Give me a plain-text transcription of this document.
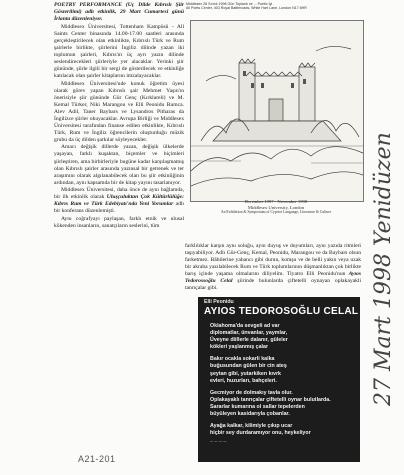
POETRY PERFORMANCE (Üç Dilde Kıbrıslı Şiir Gösterilimi) adlı etkinlik, 29 Mart Cumartesi günü İrlanta düzenleniyor.

Middlesex Üniversitesi, Tottenham Kampüsü - All Saints Center binasında 14.00-17.00 saatleri arasında gerçekleştirilecek olan etkinlikte, Kıbrıslı Türk ve Rum şairlerle birlikte, şiirlerini İngiliz dilinde yazan iki toplumun şairleri, Kıbrıs'ın üç ayrı yazın dilinde seslendirecekleri şiirleriyle yer alacaklar. Yerinki şiir gününde, şiirle ilgili bir sergi de gösterilecek ve etkinliğe katılacak olan şairler kitaplarını imzalayacaklar.

Middlesex Üniversitesi'nde konuk öğretim üyesi olarak görev yapan Kıbrıslı şair Mehmet Yaşın'ın önerisiyle şiir gününde Gür Genç (Kırklareli) ve M. Kemal Türker, Niki Marangou ve Elli Peonidu Rumca. Alev Adil, Taner Baybars ve Lysandros Pitharas da İngilizce şiirler okuyacaklar. Avrupa Birliği ve Middlesex Üniversitesi tarafından finanse edilen etkinlikte, Kıbrıslı Türk, Rum ve İngiliz öğrencilerin oluşturduğu müzik grubu da üç dilden şarkılar söyleyecekler.

Amacı değişik dillerde yazan, değişik ülkelerde yaşayan, farklı kuşaktan, biçemler ve biçimleri şiirleştiren, ama birbirleriyle bugüne kadar karşılaşmamış olan Kıbrıslı şairler arasında yazınsal bir getrenek ve ter araşımını olarak algılanabilecek olan bu şiir etkinliğinin ardından, aynı kapsamda bir de kitap yayını tasarlanıyor.

Middlesex Üniversitesi, daha önce de aynı bağlamda, bir ilk etkinlik olarak Uluşçuluktan Çok Kültürlülüğe: Kıbrıs Rum ve Türk Edebiyatı'nda Yeni Yorumlar adlı bir konferans düzenlemişti.

Aynı coğrafyayı paylaşan, farklı etnik ve ulusal kökenden insanların, sanatçıların seslerini, tüm

Middlesex 28 Sınırlı 1998 Gün Toplantı ve ... Poetic İyi
All Poets Center, 403 Royal Battleroads, White Hart Lane, London N17 8HR
Dcrember 1997 - November 1998
Middlesex University, London
An Exhibition & Symposium of Cypriot Language, Literature & Culture	27 Mart 1998 Yenidüzen

farklılıklar karşın aynı soluğu, aynı duyuş ve duyumları, aynı yazıda ritmleri taşıyabiliyor. Adlı Gür-Genç, Kemal, Peonidu, Marangou ve da Baybars olsun farketmez. Bâbilerine yabancı gibi durun, komşu ve de belli yakın veya uzak bir akraba yazılabilecek Rum ve Türk toplumlarının düşmanlıktan çok birlikte barış içinde yaşama olmalarını diliyelim. Tiyatro Elli Peonidu'nun Ayıos Tedorossoğlu Celal şiirinde bulunlarda çiftetelli oynayan oplakayakli tanrıçalar gibi.

Elli Peonidu
AYIOS TEDOROSOĞLU CELAL
Oklahoma'da sevgeli ad var
diplomatlar, ünvanlar, yaymlar,
Üveyne diillerle dalanır, güleler
kökleri yaşlanmış çalar
Bakır ocakla sokarli kalka
buğusundan gülen bir cin ateş
şeytan gibi, yutarkiken kıvrk
evleri, huzurları, bahçeleri.
Gecmiyor de dolmakıy tavla olur.
Oplakayaklı tanrıçalar çiftetelli oynar bulutlarda.
Sararlar kumarına ol sallar tepelerden
büyüleyen kasidarıyla çobanlar.
Ayağa kalkar, kilimiyle çıkıp ucar
hiçbir sey durdaramıyor onu, heykeliyor
_ _ _ _
A21-201
